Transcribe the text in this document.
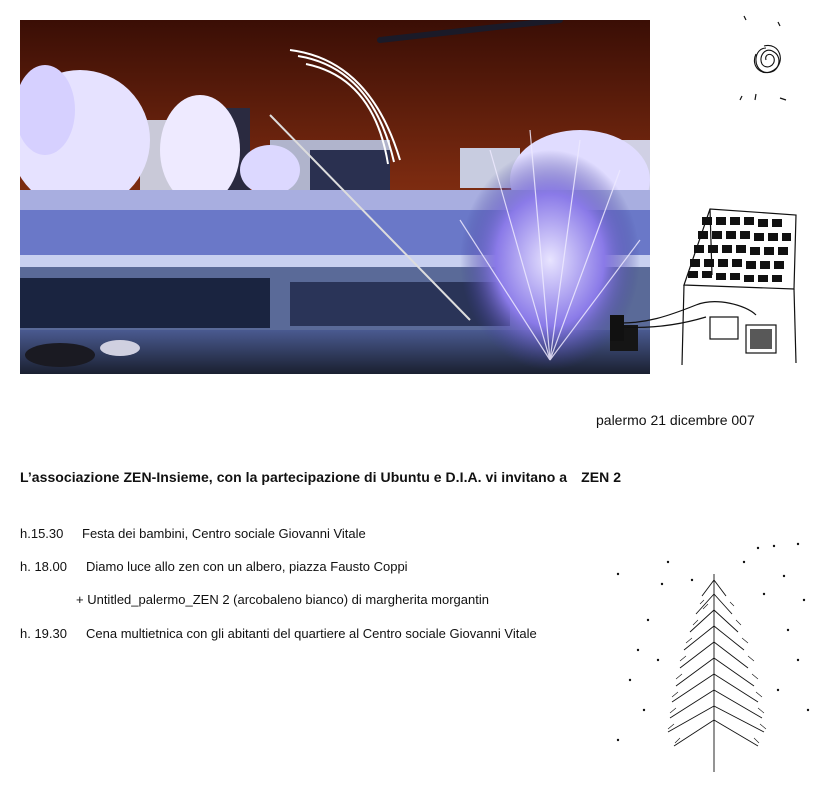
palermo 21 dicembre 007
L’associazione ZEN-Insieme, con la partecipazione di Ubuntu e D.I.A. vi invitano a ZEN 2
h.15.30 Festa dei bambini, Centro sociale Giovanni Vitale
h. 18.00 Diamo luce allo zen con un albero, piazza Fausto Coppi
+ Untitled_palermo_ZEN 2 (arcobaleno bianco) di margherita morgantin
h. 19.30 Cena multietnica con gli abitanti del quartiere al Centro sociale Giovanni Vitale
